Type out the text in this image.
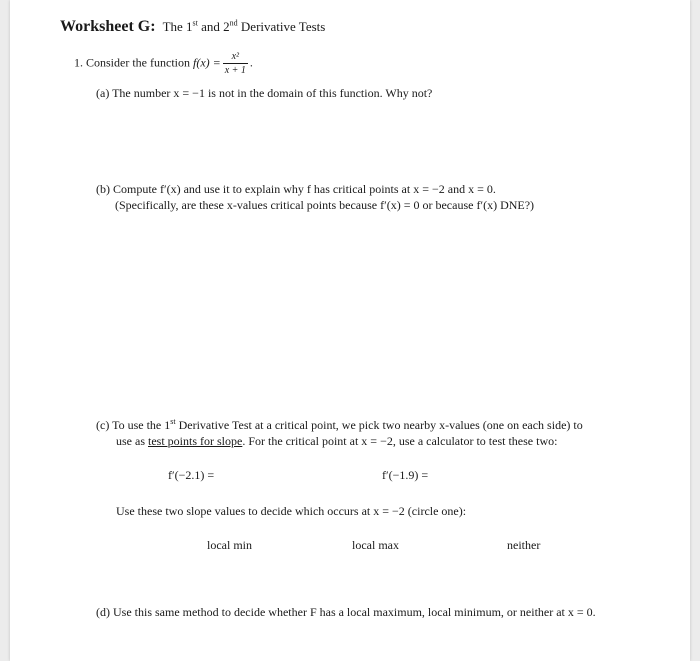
Worksheet G: The 1st and 2nd Derivative Tests
1. Consider the function $f(x) = \frac{\text{x²}}{x + 1}$ .
(a) The number x = −1 is not in the domain of this function. Why not?
(b) Compute f′(x) and use it to explain why f has critical points at x = −2 and x = 0.
(Specifically, are these x-values critical points because f′(x) = 0 or because f′(x) DNE?)
(c) To use the 1st Derivative Test at a critical point, we pick two nearby x-values (one on each side) to
use as test points for slope. For the critical point at x = −2, use a calculator to test these two:
f′(−2.1) =	f′(−1.9) =
Use these two slope values to decide which occurs at x = −2 (circle one):
local min	local max	neither
(d) Use this same method to decide whether F has a local maximum, local minimum, or neither at x = 0.
